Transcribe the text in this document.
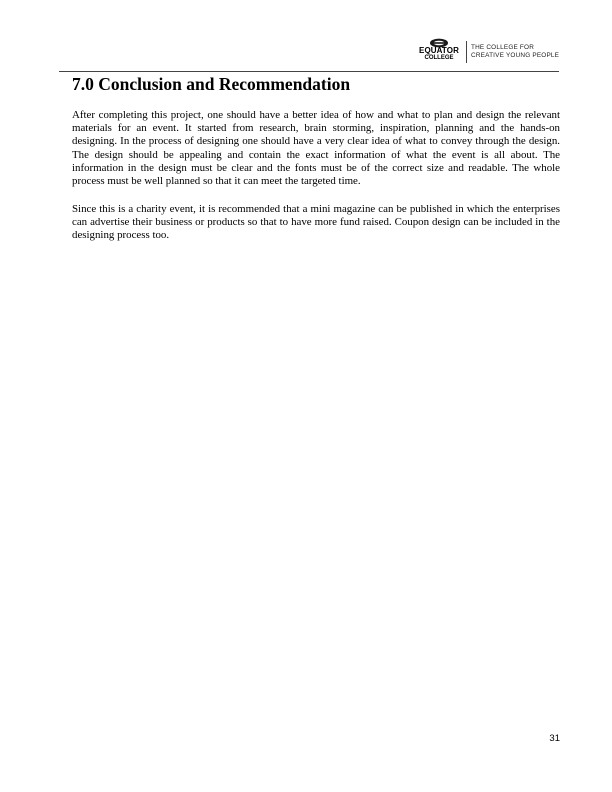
EQUATOR
COLLEGE
THE COLLEGE FOR
CREATIVE YOUNG PEOPLE
7.0 Conclusion and Recommendation

After completing this project, one should have a better idea of how and what to plan and design the relevant materials for an event. It started from research, brain storming, inspiration, planning and the hands-on designing. In the process of designing one should have a very clear idea of what to convey through the design. The design should be appealing and contain the exact information of what the event is all about. The information in the design must be clear and the fonts must be of the correct size and readable. The whole process must be well planned so that it can meet the targeted time.

Since this is a charity event, it is recommended that a mini magazine can be published in which the enterprises can advertise their business or products so that to have more fund raised. Coupon design can be included in the designing process too.

31
